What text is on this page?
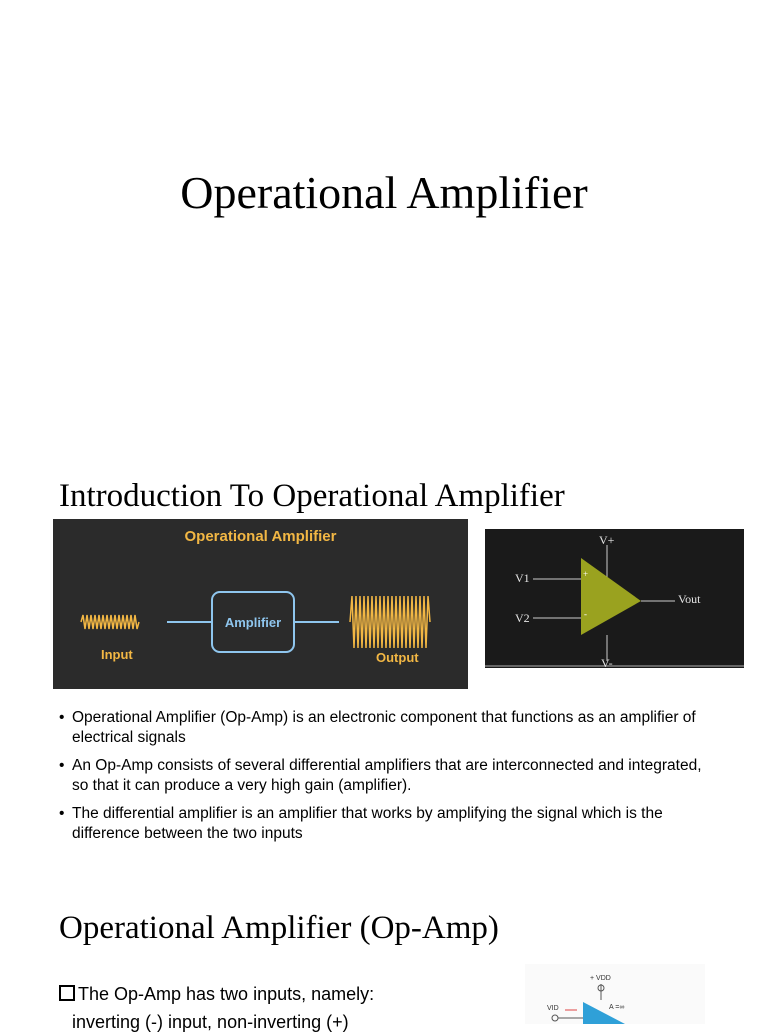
Operational Amplifier
Introduction To Operational Amplifier
Operational Amplifier
Amplifier
Input	Output
V+
V1
V2
Vout
+
-
V-
• Operational Amplifier (Op-Amp) is an electronic component that functions as an amplifier of electrical signals
• An Op-Amp consists of several differential amplifiers that are interconnected and integrated, so that it can produce a very high gain (amplifier).
• The differential amplifier is an amplifier that works by amplifying the signal which is the difference between the two inputs
Operational Amplifier (Op-Amp)
The Op-Amp has two inputs, namely:
inverting (-) input, non-inverting (+)
+ VDD
A =∞
VID
